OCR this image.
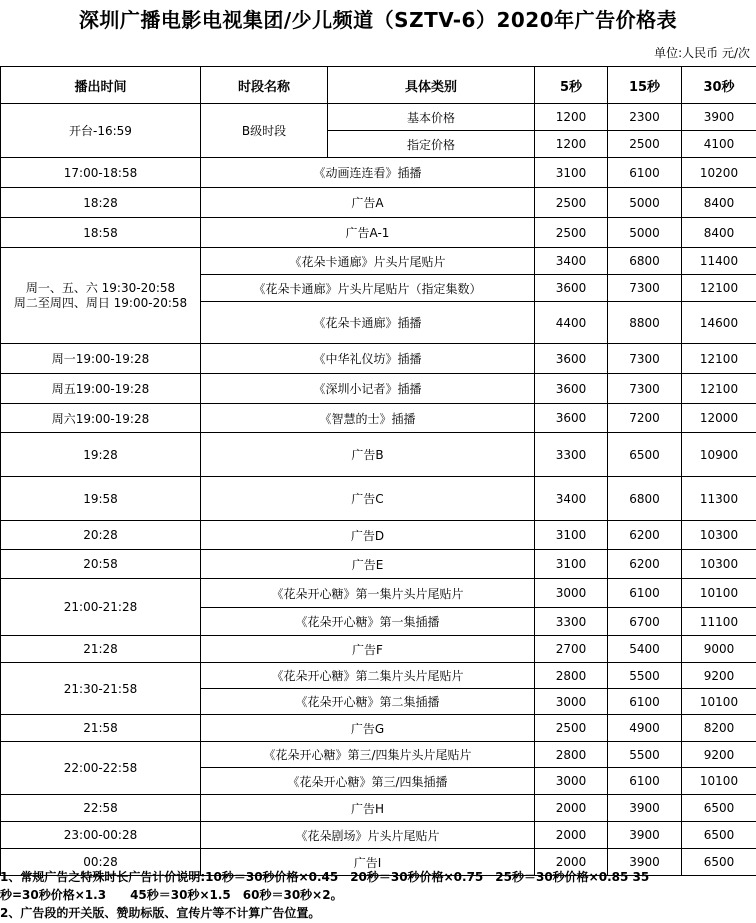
深圳广播电影电视集团/少儿频道（SZTV-6）2020年广告价格表
单位:人民币 元/次
播出时间	时段名称	具体类别	5秒	15秒	30秒
开台-16:59	B级时段	基本价格	1200	2300	3900
		指定价格	1200	2500	4100
17:00-18:58	《动画连连看》插播		3100	6100	10200
18:28	广告A		2500	5000	8400
18:58	广告A-1		2500	5000	8400

周一、五、六 19:30-20:58
周二至周四、周日 19:00-20:58	《花朵卡通廊》片头片尾贴片		3400	6800	11400
	《花朵卡通廊》片头片尾贴片（指定集数）		3600	7300	12100
	《花朵卡通廊》插播		4400	8800	14600
周一19:00-19:28	《中华礼仪坊》插播		3600	7300	12100
周五19:00-19:28	《深圳小记者》插播		3600	7300	12100
周六19:00-19:28	《智慧的士》插播		3600	7200	12000
19:28	广告B		3300	6500	10900
19:58	广告C		3400	6800	11300
20:28	广告D		3100	6200	10300
20:58	广告E		3100	6200	10300
21:00-21:28	《花朵开心糖》第一集片头片尾贴片		3000	6100	10100
	《花朵开心糖》第一集插播		3300	6700	11100
21:28	广告F		2700	5400	9000
21:30-21:58	《花朵开心糖》第二集片头片尾贴片		2800	5500	9200
	《花朵开心糖》第二集插播		3000	6100	10100
21:58	广告G		2500	4900	8200
22:00-22:58	《花朵开心糖》第三/四集片头片尾贴片		2800	5500	9200
	《花朵开心糖》第三/四集插播		3000	6100	10100
22:58	广告H		2000	3900	6500
23:00-00:28	《花朵剧场》片头片尾贴片		2000	3900	6500
00:28	广告I		2000	3900	6500
1、常规广告之特殊时长广告计价说明:10秒＝30秒价格×0.45　20秒＝30秒价格×0.75　25秒＝30秒价格×0.85 35
秒=30秒价格×1.3　　45秒＝30秒×1.5　60秒＝30秒×2。
2、广告段的开关版、赞助标版、宣传片等不计算广告位置。
